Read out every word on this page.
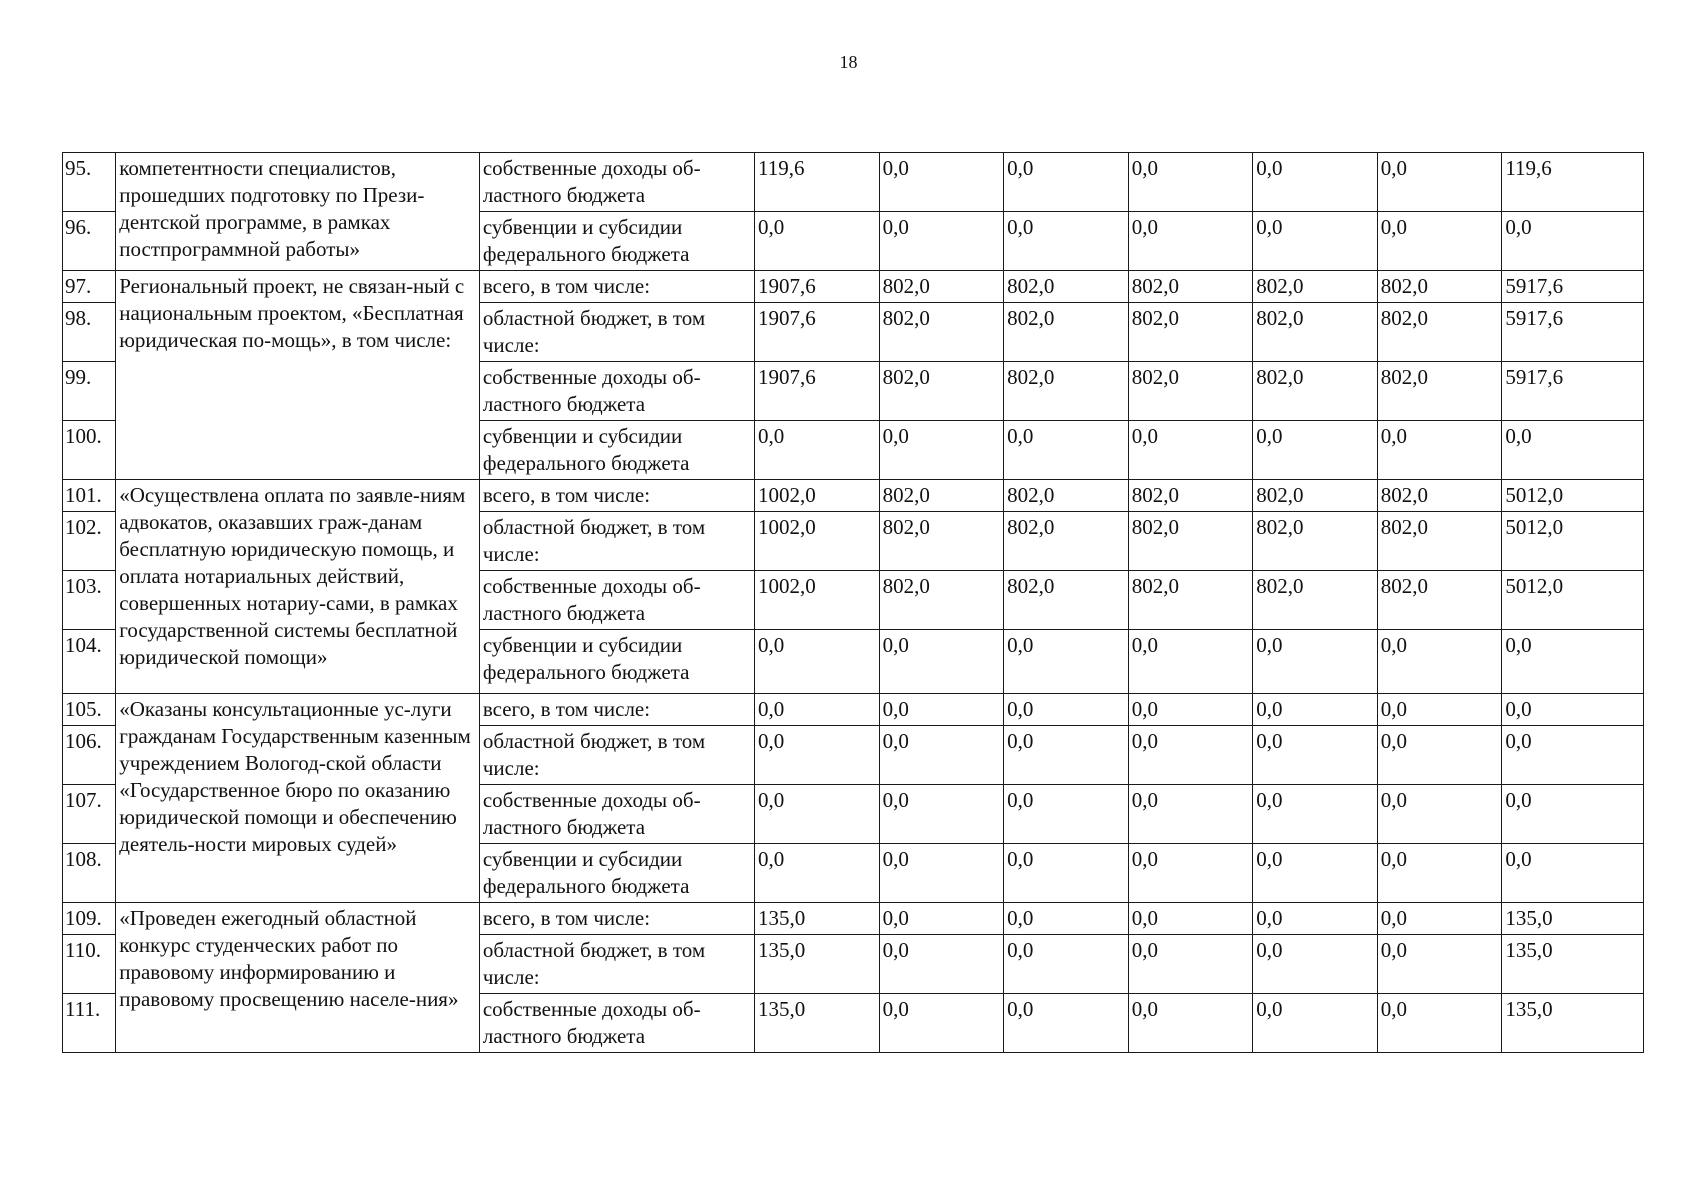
18
95.	компетентности специалистов, прошедших подготовку по Прези-дентской программе, в рамках постпрограммной работы»	собственные доходы об-ластного бюджета	119,6	0,0	0,0	0,0	0,0	0,0	119,6
96.		субвенции и субсидии федерального бюджета	0,0	0,0	0,0	0,0	0,0	0,0	0,0
97.	Региональный проект, не связан-ный с национальным проектом, «Бесплатная юридическая по-мощь», в том числе:	всего, в том числе:	1907,6	802,0	802,0	802,0	802,0	802,0	5917,6
98.		областной бюджет, в том числе:	1907,6	802,0	802,0	802,0	802,0	802,0	5917,6
99.		собственные доходы об-ластного бюджета	1907,6	802,0	802,0	802,0	802,0	802,0	5917,6
100.		субвенции и субсидии федерального бюджета	0,0	0,0	0,0	0,0	0,0	0,0	0,0
101.	«Осуществлена оплата по заявле-ниям адвокатов, оказавших граж-данам бесплатную юридическую помощь, и оплата нотариальных действий, совершенных нотариу-сами, в рамках государственной системы бесплатной юридической помощи»	всего, в том числе:	1002,0	802,0	802,0	802,0	802,0	802,0	5012,0
102.		областной бюджет, в том числе:	1002,0	802,0	802,0	802,0	802,0	802,0	5012,0
103.		собственные доходы об-ластного бюджета	1002,0	802,0	802,0	802,0	802,0	802,0	5012,0
104.		субвенции и субсидии федерального бюджета	0,0	0,0	0,0	0,0	0,0	0,0	0,0
105.	«Оказаны консультационные ус-луги гражданам Государственным казенным учреждением Вологод-ской области «Государственное бюро по оказанию юридической помощи и обеспечению деятель-ности мировых судей»	всего, в том числе:	0,0	0,0	0,0	0,0	0,0	0,0	0,0
106.		областной бюджет, в том числе:	0,0	0,0	0,0	0,0	0,0	0,0	0,0
107.		собственные доходы об-ластного бюджета	0,0	0,0	0,0	0,0	0,0	0,0	0,0
108.		субвенции и субсидии федерального бюджета	0,0	0,0	0,0	0,0	0,0	0,0	0,0
109.	«Проведен ежегодный областной конкурс студенческих работ по правовому информированию и правовому просвещению населе-ния»	всего, в том числе:	135,0	0,0	0,0	0,0	0,0	0,0	135,0
110.		областной бюджет, в том числе:	135,0	0,0	0,0	0,0	0,0	0,0	135,0
111.		собственные доходы об-ластного бюджета	135,0	0,0	0,0	0,0	0,0	0,0	135,0
